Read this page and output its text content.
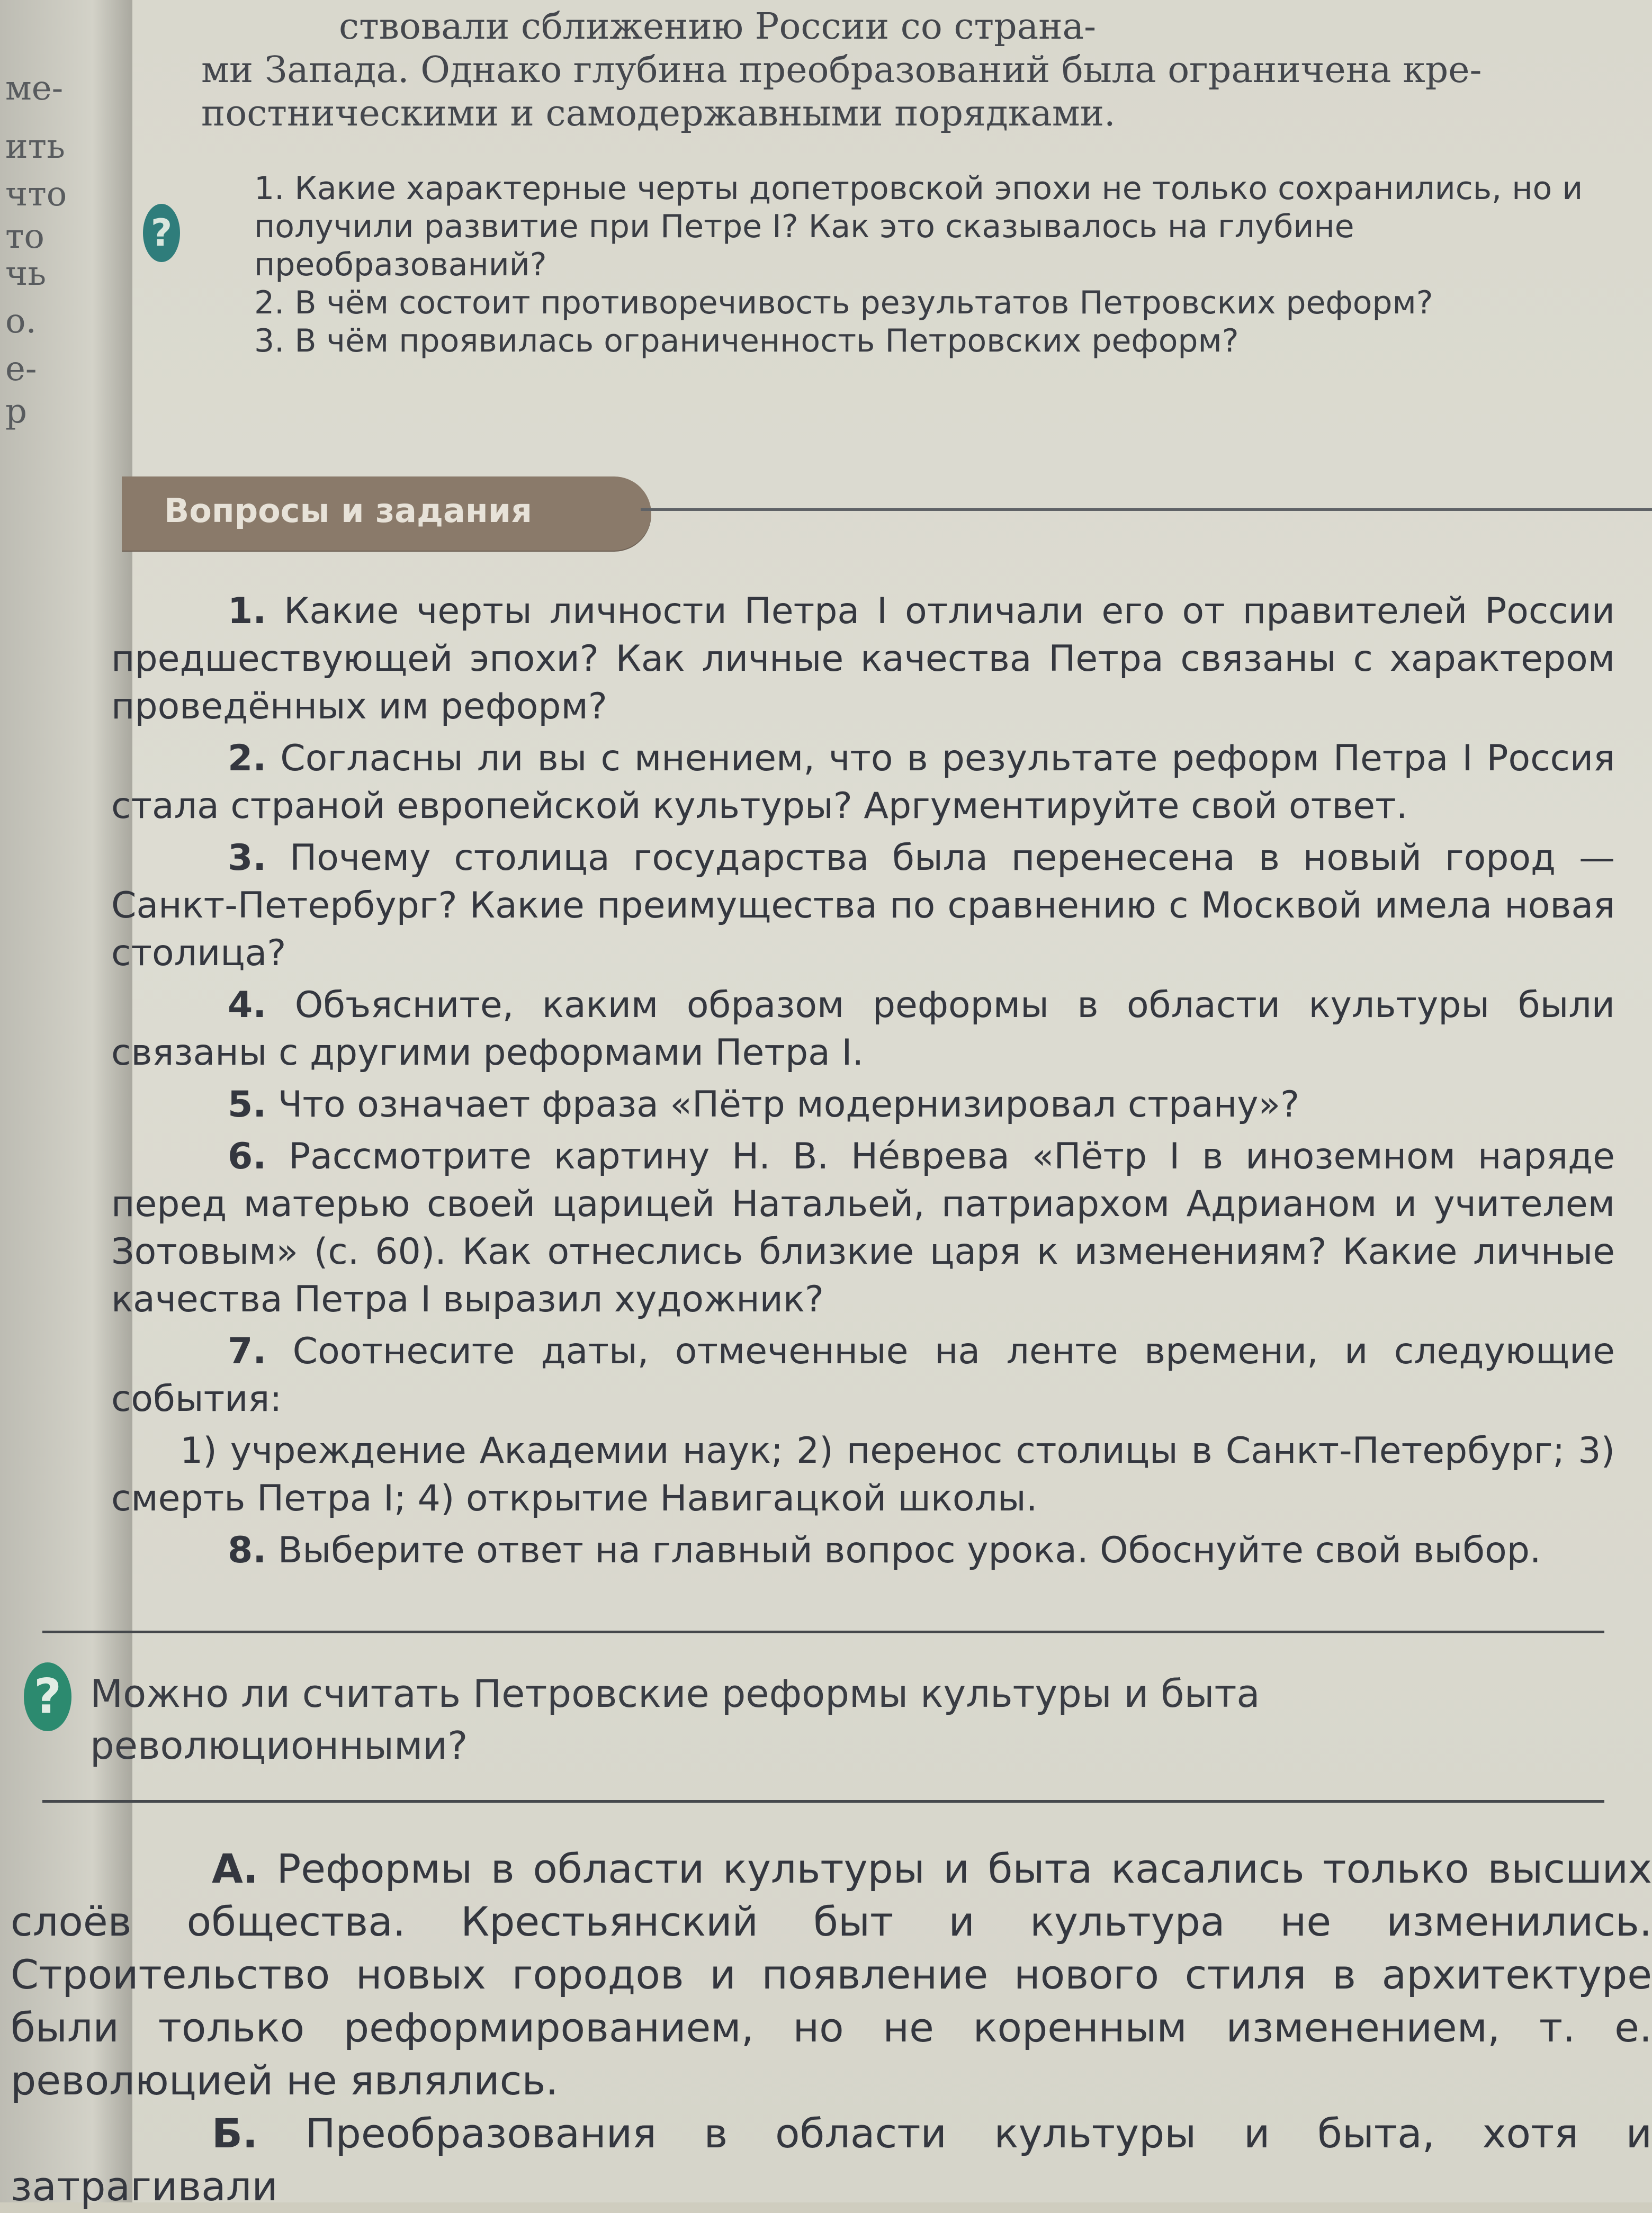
ме-
ить
что
то
чь
о.
е-
р

ствовали сближению России со страна-

ми Запада. Однако глубина преобразований была ограничена кре-

постническими и самодержавными порядками.

?

1. Какие характерные черты допетровской эпохи не только сохранились, но и получили развитие при Петре I? Как это сказывалось на глубине преобразований?

2. В чём состоит противоречивость результатов Петровских реформ?

3. В чём проявилась ограниченность Петровских реформ?

Вопросы и задания

1. Какие черты личности Петра I отличали его от правителей России предшествующей эпохи? Как личные качества Петра связаны с характером проведённых им реформ?

2. Согласны ли вы с мнением, что в результате реформ Петра I Россия стала страной европейской культуры? Аргументируйте свой ответ.

3. Почему столица государства была перенесена в новый город — Санкт-Петербург? Какие преимущества по сравнению с Москвой имела новая столица?

4. Объясните, каким образом реформы в области культуры были связаны с другими реформами Петра I.

5. Что означает фраза «Пётр модернизировал страну»?

6. Рассмотрите картину Н. В. Не́врева «Пётр I в иноземном наряде перед матерью своей царицей Натальей, патриархом Адрианом и учителем Зотовым» (с. 60). Как отнеслись близкие царя к изменениям? Какие личные качества Петра I выразил художник?

7. Соотнесите даты, отмеченные на ленте времени, и следующие события:

1) учреждение Академии наук; 2) перенос столицы в Санкт-Петербург; 3) смерть Петра I; 4) открытие Навигацкой школы.

8. Выберите ответ на главный вопрос урока. Обоснуйте свой выбор.

? Можно ли считать Петровские реформы культуры и быта революционными?

А. Реформы в области культуры и быта касались только высших слоёв общества. Крестьянский быт и культура не изменились. Строительство новых городов и появление нового стиля в архитектуре были только реформированием, но не коренным изменением, т. е. революцией не являлись.

Б. Преобразования в области культуры и быта, хотя и затрагивали
